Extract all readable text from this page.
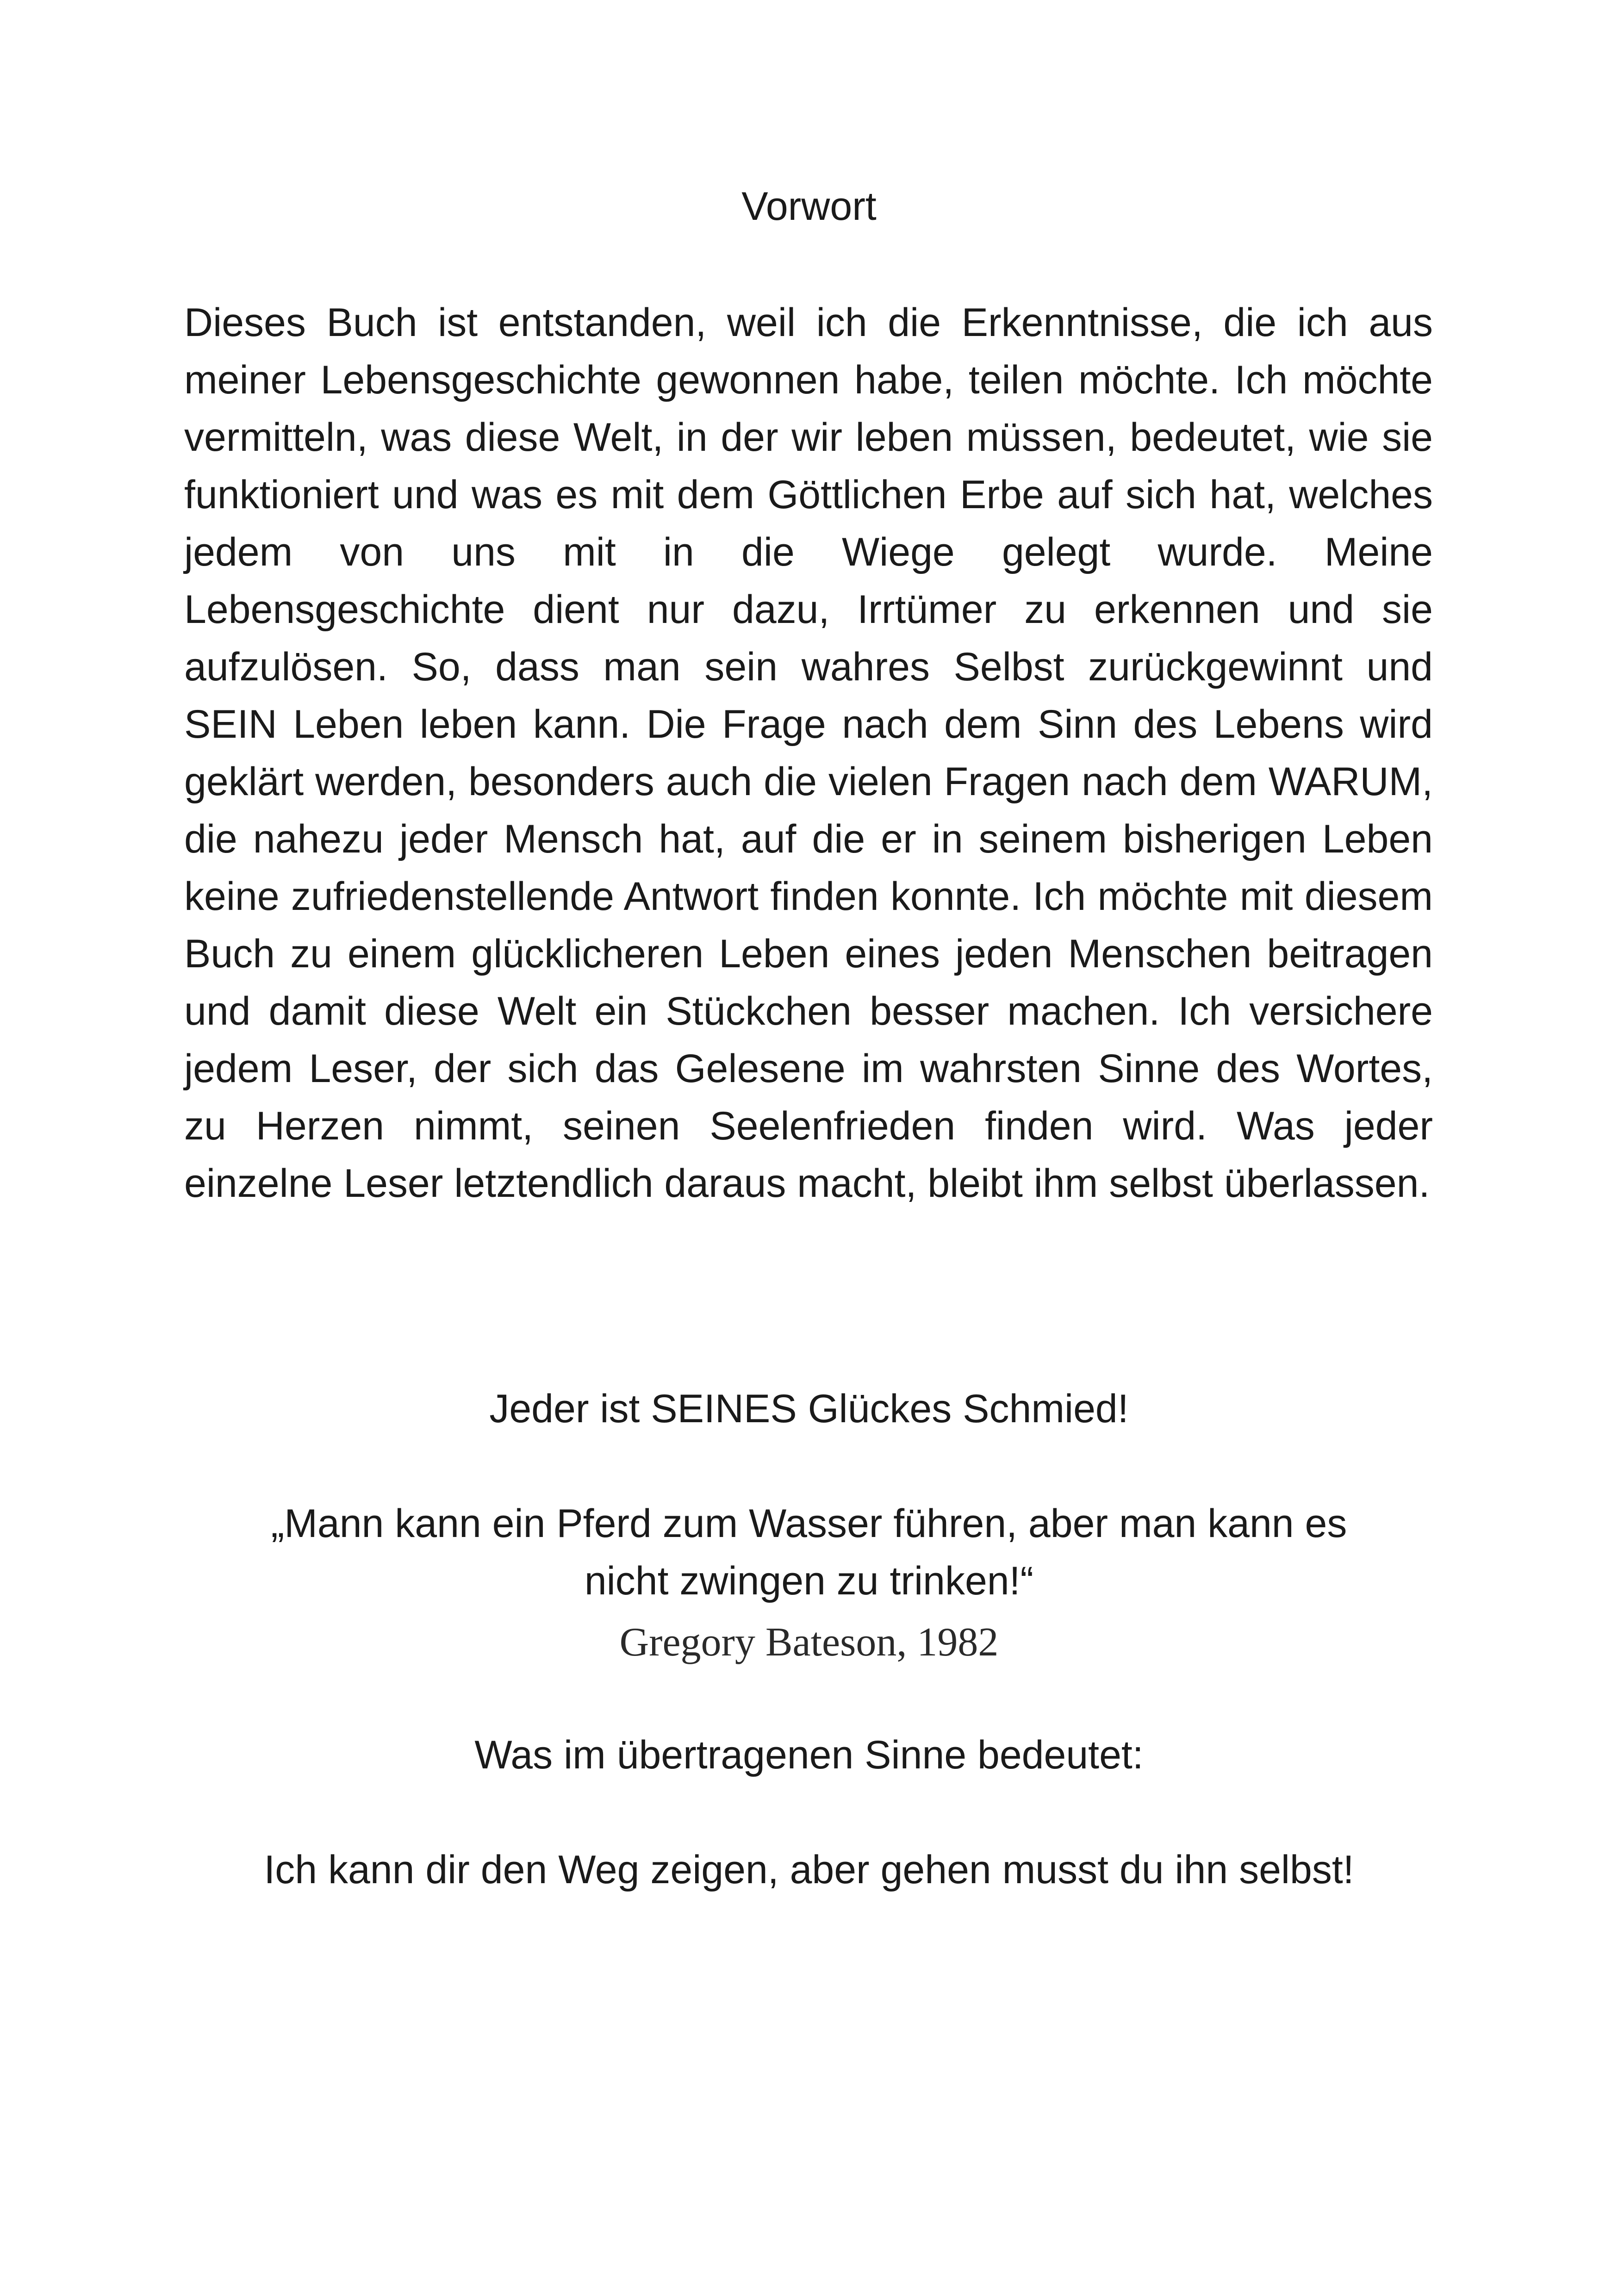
Vorwort

Dieses Buch ist entstanden, weil ich die Erkenntnisse, die ich aus meiner Lebensgeschichte gewonnen habe, teilen möchte. Ich möchte vermitteln, was diese Welt, in der wir leben müssen, bedeutet, wie sie funktioniert und was es mit dem Göttlichen Erbe auf sich hat, welches jedem von uns mit in die Wiege gelegt wurde. Meine Lebensgeschichte dient nur dazu, Irrtümer zu erkennen und sie aufzulösen. So, dass man sein wahres Selbst zurückgewinnt und SEIN Leben leben kann. Die Frage nach dem Sinn des Lebens wird geklärt werden, besonders auch die vielen Fragen nach dem WARUM, die nahezu jeder Mensch hat, auf die er in seinem bisherigen Leben keine zufriedenstellende Antwort finden konnte. Ich möchte mit diesem Buch zu einem glücklicheren Leben eines jeden Menschen beitragen und damit diese Welt ein Stückchen besser machen. Ich versichere jedem Leser, der sich das Gelesene im wahrsten Sinne des Wortes, zu Herzen nimmt, seinen Seelenfrieden finden wird. Was jeder einzelne Leser letztendlich daraus macht, bleibt ihm selbst überlassen.

Jeder ist SEINES Glückes Schmied!

„Mann kann ein Pferd zum Wasser führen, aber man kann es nicht zwingen zu trinken!“

Gregory Bateson, 1982

Was im übertragenen Sinne bedeutet:

Ich kann dir den Weg zeigen, aber gehen musst du ihn selbst!
